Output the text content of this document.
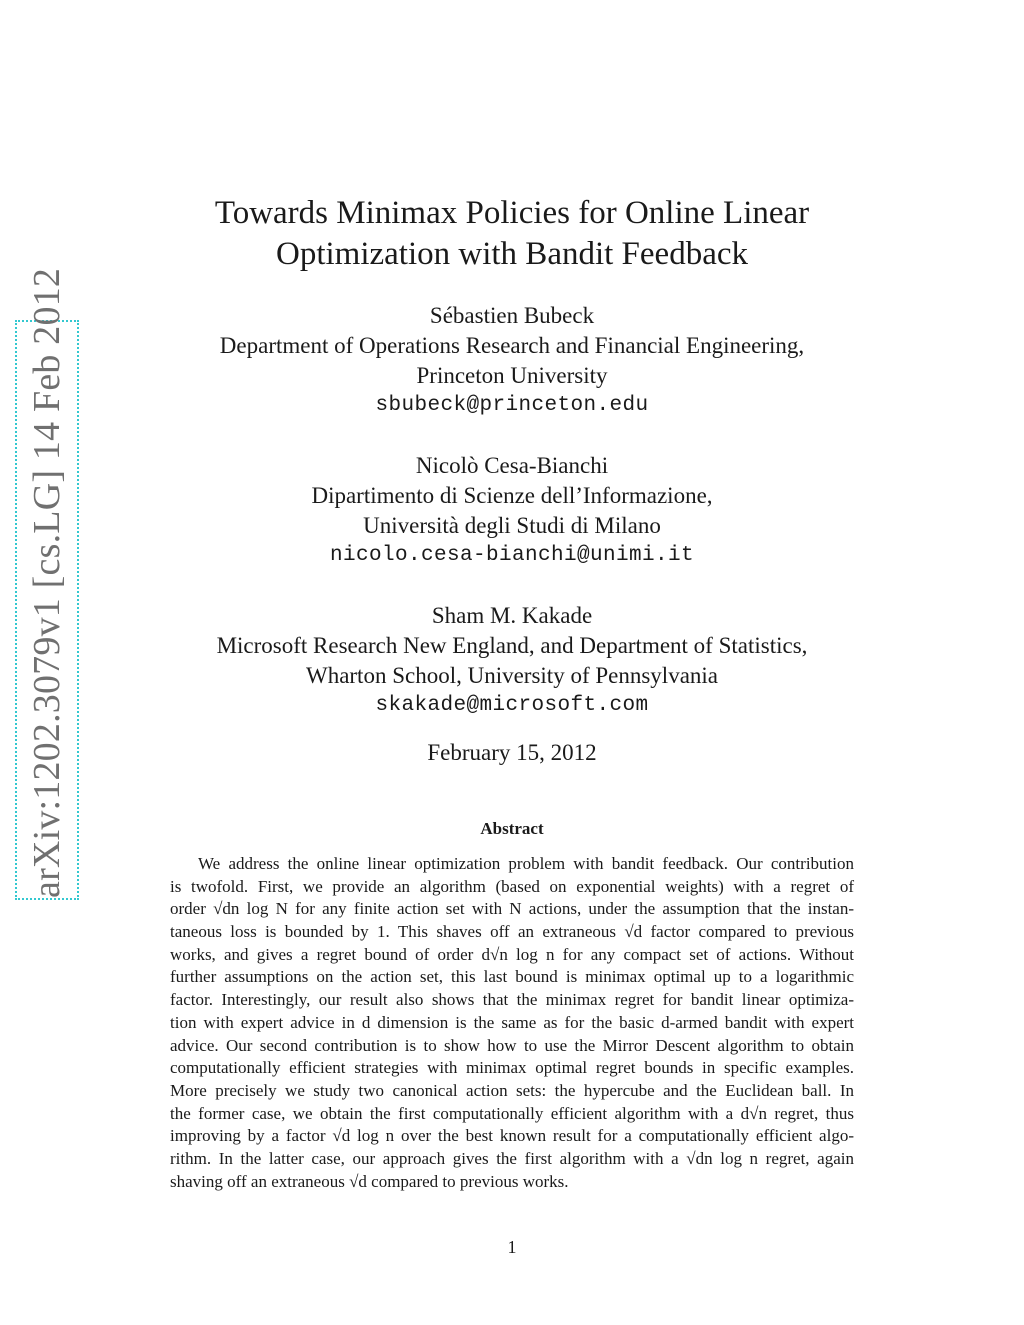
arXiv:1202.3079v1 [cs.LG] 14 Feb 2012
Towards Minimax Policies for Online Linear
Optimization with Bandit Feedback
Sébastien Bubeck
Department of Operations Research and Financial Engineering,
Princeton University
sbubeck@princeton.edu
Nicolò Cesa-Bianchi
Dipartimento di Scienze dell’Informazione,
Università degli Studi di Milano
nicolo.cesa-bianchi@unimi.it
Sham M. Kakade
Microsoft Research New England, and Department of Statistics,
Wharton School, University of Pennsylvania
skakade@microsoft.com
February 15, 2012
Abstract
We address the online linear optimization problem with bandit feedback. Our contribution
is twofold. First, we provide an algorithm (based on exponential weights) with a regret of
order √dn log N for any finite action set with N actions, under the assumption that the instan-
taneous loss is bounded by 1. This shaves off an extraneous √d factor compared to previous
works, and gives a regret bound of order d√n log n for any compact set of actions. Without
further assumptions on the action set, this last bound is minimax optimal up to a logarithmic
factor. Interestingly, our result also shows that the minimax regret for bandit linear optimiza-
tion with expert advice in d dimension is the same as for the basic d-armed bandit with expert
advice. Our second contribution is to show how to use the Mirror Descent algorithm to obtain
computationally efficient strategies with minimax optimal regret bounds in specific examples.
More precisely we study two canonical action sets: the hypercube and the Euclidean ball. In
the former case, we obtain the first computationally efficient algorithm with a d√n regret, thus
improving by a factor √d log n over the best known result for a computationally efficient algo-
rithm. In the latter case, our approach gives the first algorithm with a √dn log n regret, again
shaving off an extraneous √d compared to previous works.
1
